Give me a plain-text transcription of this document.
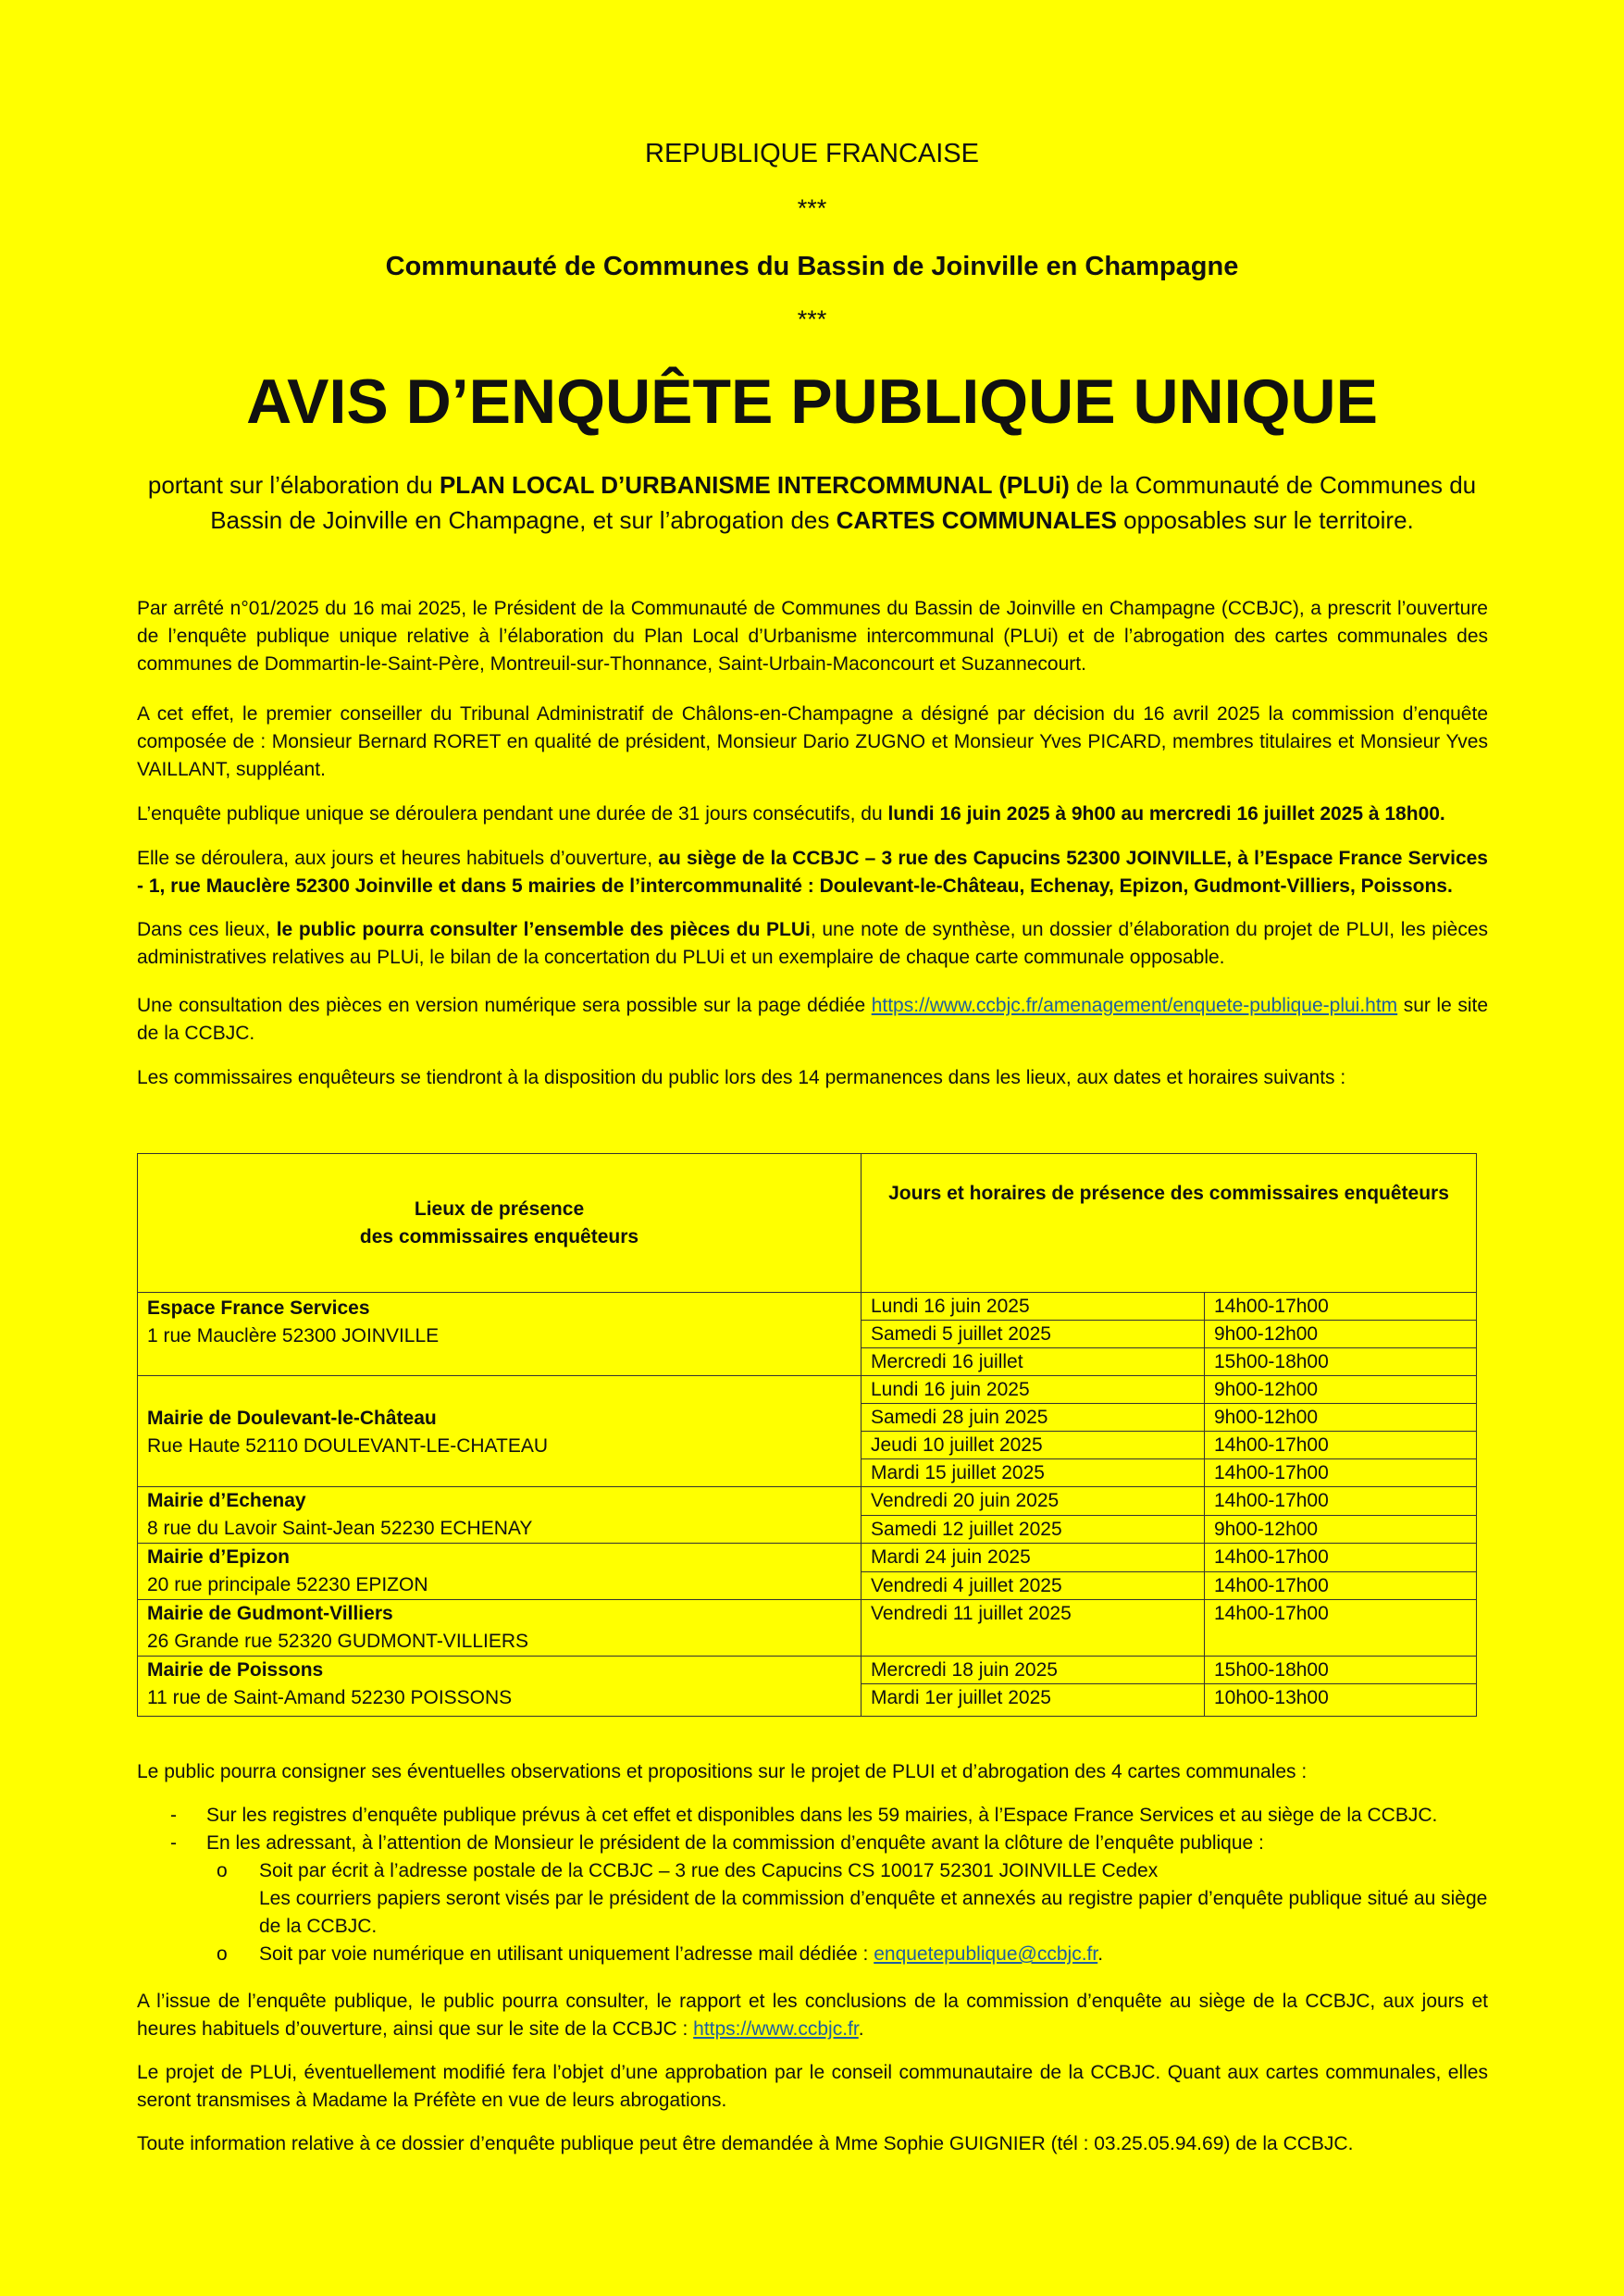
REPUBLIQUE FRANCAISE
***
Communauté de Communes du Bassin de Joinville en Champagne
***
AVIS D’ENQUÊTE PUBLIQUE UNIQUE
portant sur l’élaboration du PLAN LOCAL D’URBANISME INTERCOMMUNAL (PLUi) de la Communauté de Communes du Bassin de Joinville en Champagne, et sur l’abrogation des CARTES COMMUNALES opposables sur le territoire.
Par arrêté n°01/2025 du 16 mai 2025, le Président de la Communauté de Communes du Bassin de Joinville en Champagne (CCBJC), a prescrit l’ouverture de l’enquête publique unique relative à l’élaboration du Plan Local d’Urbanisme intercommunal (PLUi) et de l’abrogation des cartes communales des communes de Dommartin-le-Saint-Père, Montreuil-sur-Thonnance, Saint-Urbain-Maconcourt et Suzannecourt.
A cet effet, le premier conseiller du Tribunal Administratif de Châlons-en-Champagne a désigné par décision du 16 avril 2025 la commission d’enquête composée de : Monsieur Bernard RORET en qualité de président, Monsieur Dario ZUGNO et Monsieur Yves PICARD, membres titulaires et Monsieur Yves VAILLANT, suppléant.
L’enquête publique unique se déroulera pendant une durée de 31 jours consécutifs, du lundi 16 juin 2025 à 9h00 au mercredi 16 juillet 2025 à 18h00.
Elle se déroulera, aux jours et heures habituels d’ouverture, au siège de la CCBJC – 3 rue des Capucins 52300 JOINVILLE, à l’Espace France Services - 1, rue Mauclère 52300 Joinville et dans 5 mairies de l’intercommunalité : Doulevant-le-Château, Echenay, Epizon, Gudmont-Villiers, Poissons.
Dans ces lieux, le public pourra consulter l’ensemble des pièces du PLUi, une note de synthèse, un dossier d’élaboration du projet de PLUI, les pièces administratives relatives au PLUi, le bilan de la concertation du PLUi et un exemplaire de chaque carte communale opposable.
Une consultation des pièces en version numérique sera possible sur la page dédiée https://www.ccbjc.fr/amenagement/enquete-publique-plui.htm sur le site de la CCBJC.
Les commissaires enquêteurs se tiendront à la disposition du public lors des 14 permanences dans les lieux, aux dates et horaires suivants :
Lieux de présence
des commissaires enquêteurs	Jours et horaires de présence des commissaires enquêteurs	

Espace France Services
1 rue Mauclère 52300 JOINVILLE	Lundi 16 juin 2025	14h00-17h00
	Samedi 5 juillet 2025	9h00-12h00
	Mercredi 16 juillet	15h00-18h00

Mairie de Doulevant-le-Château
Rue Haute 52110 DOULEVANT-LE-CHATEAU	Lundi 16 juin 2025	9h00-12h00
	Samedi 28 juin 2025	9h00-12h00
	Jeudi 10 juillet 2025	14h00-17h00
	Mardi 15 juillet 2025	14h00-17h00

Mairie d’Echenay
8 rue du Lavoir Saint-Jean 52230 ECHENAY	Vendredi 20 juin 2025	14h00-17h00
	Samedi 12 juillet 2025	9h00-12h00

Mairie d’Epizon
20 rue principale 52230 EPIZON	Mardi 24 juin 2025	14h00-17h00
	Vendredi 4 juillet 2025	14h00-17h00

Mairie de Gudmont-Villiers
26 Grande rue 52320 GUDMONT-VILLIERS	Vendredi 11 juillet 2025	14h00-17h00

Mairie de Poissons
11 rue de Saint-Amand 52230 POISSONS	Mercredi 18 juin 2025	15h00-18h00
	Mardi 1er juillet 2025	10h00-13h00
Le public pourra consigner ses éventuelles observations et propositions sur le projet de PLUI et d’abrogation des 4 cartes communales :
- Sur les registres d’enquête publique prévus à cet effet et disponibles dans les 59 mairies, à l’Espace France Services et au siège de la CCBJC.
- En les adressant, à l’attention de Monsieur le président de la commission d’enquête avant la clôture de l’enquête publique :
o Soit par écrit à l’adresse postale de la CCBJC – 3 rue des Capucins CS 10017 52301 JOINVILLE Cedex
Les courriers papiers seront visés par le président de la commission d’enquête et annexés au registre papier d’enquête publique situé au siège de la CCBJC.
o Soit par voie numérique en utilisant uniquement l’adresse mail dédiée : enquetepublique@ccbjc.fr.
A l’issue de l’enquête publique, le public pourra consulter, le rapport et les conclusions de la commission d’enquête au siège de la CCBJC, aux jours et heures habituels d’ouverture, ainsi que sur le site de la CCBJC : https://www.ccbjc.fr.
Le projet de PLUi, éventuellement modifié fera l’objet d’une approbation par le conseil communautaire de la CCBJC. Quant aux cartes communales, elles seront transmises à Madame la Préfète en vue de leurs abrogations.
Toute information relative à ce dossier d’enquête publique peut être demandée à Mme Sophie GUIGNIER (tél : 03.25.05.94.69) de la CCBJC.
